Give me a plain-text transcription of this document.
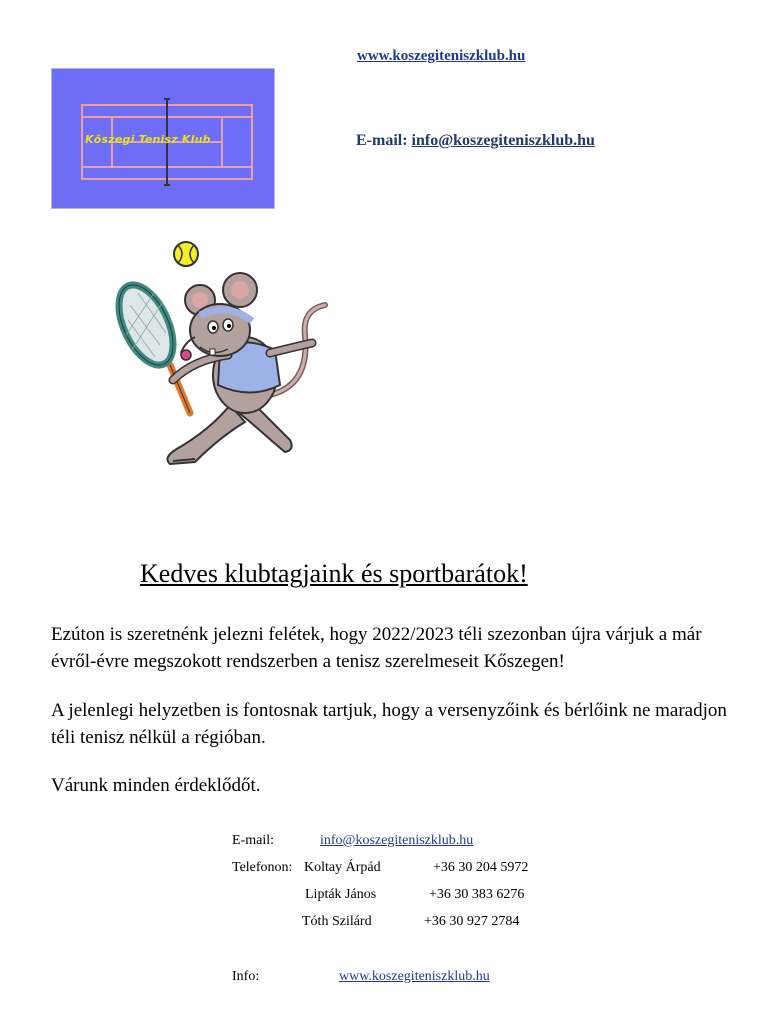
www.koszegiteniszklub.hu
E-mail: info@koszegiteniszklub.hu
Kőszegi Tenisz Klub
Kedves klubtagjaink és sportbarátok!
Ezúton is szeretnénk jelezni felétek, hogy 2022/2023 téli szezonban újra várjuk a már évről-évre megszokott rendszerben a tenisz szerelmeseit Kőszegen!
A jelenlegi helyzetben is fontosnak tartjuk, hogy a versenyzőink és bérlőink ne maradjon téli tenisz nélkül a régióban.
Várunk minden érdeklődőt.
E-mail:	info@koszegiteniszklub.hu
Telefonon: Koltay Árpád	+36 30 204 5972
Lipták János	+36 30 383 6276
Tóth Szilárd	+36 30 927 2784
Info:	www.koszegiteniszklub.hu
